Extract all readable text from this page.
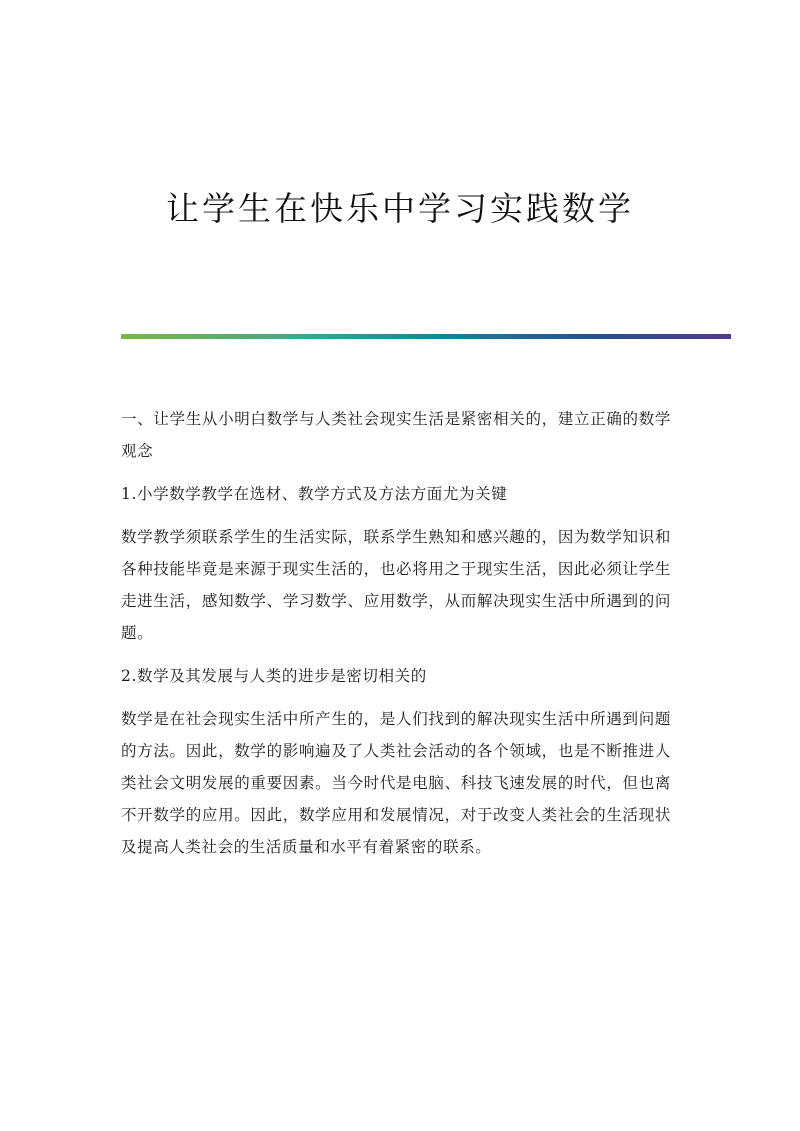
让学生在快乐中学习实践数学

一、让学生从小明白数学与人类社会现实生活是紧密相关的，建立正确的数学观念

1.小学数学教学在选材、教学方式及方法方面尤为关键

数学教学须联系学生的生活实际，联系学生熟知和感兴趣的，因为数学知识和各种技能毕竟是来源于现实生活的，也必将用之于现实生活，因此必须让学生走进生活，感知数学、学习数学、应用数学，从而解决现实生活中所遇到的问题。

2.数学及其发展与人类的进步是密切相关的

数学是在社会现实生活中所产生的，是人们找到的解决现实生活中所遇到问题的方法。因此，数学的影响遍及了人类社会活动的各个领域，也是不断推进人类社会文明发展的重要因素。当今时代是电脑、科技飞速发展的时代，但也离不开数学的应用。因此，数学应用和发展情况，对于改变人类社会的生活现状及提高人类社会的生活质量和水平有着紧密的联系。
